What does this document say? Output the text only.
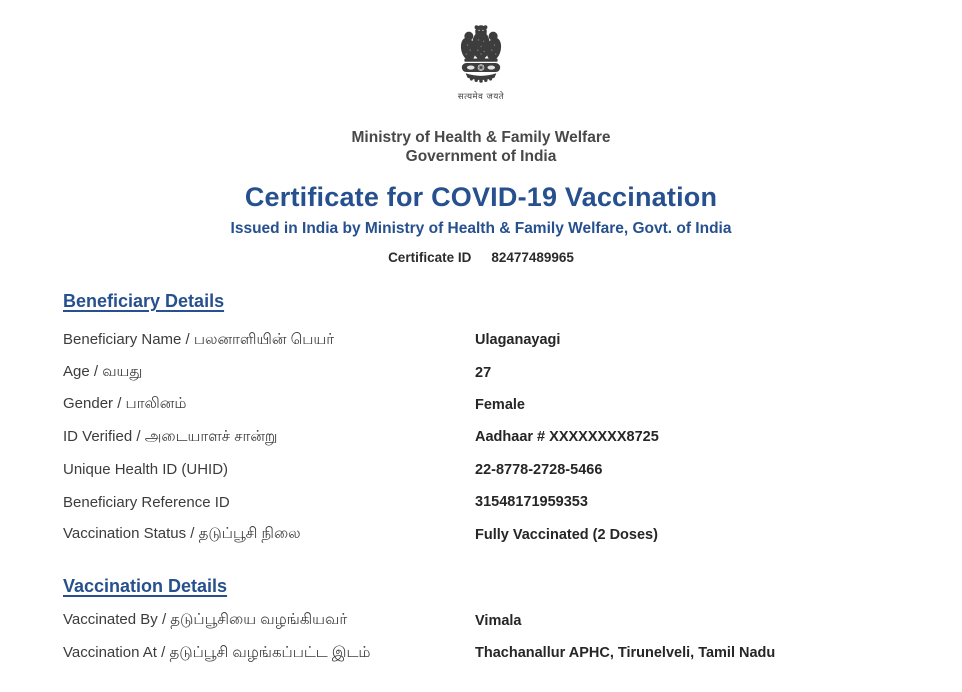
सत्यमेव जयते
Ministry of Health & Family Welfare
Government of India
Certificate for COVID-19 Vaccination
Issued in India by Ministry of Health & Family Welfare, Govt. of India
Certificate ID 82477489965
Beneficiary Details
Beneficiary Name / பலனாளியின் பெயர்	Ulaganayagi
Age / வயது	27
Gender / பாலினம்	Female
ID Verified / அடையாளச் சான்று	Aadhaar # XXXXXXXX8725
Unique Health ID (UHID)	22-8778-2728-5466
Beneficiary Reference ID	31548171959353
Vaccination Status / தடுப்பூசி நிலை	Fully Vaccinated (2 Doses)
Vaccination Details
Vaccinated By / தடுப்பூசியை வழங்கியவர்	Vimala
Vaccination At / தடுப்பூசி வழங்கப்பட்ட இடம்	Thachanallur APHC, Tirunelveli, Tamil Nadu
